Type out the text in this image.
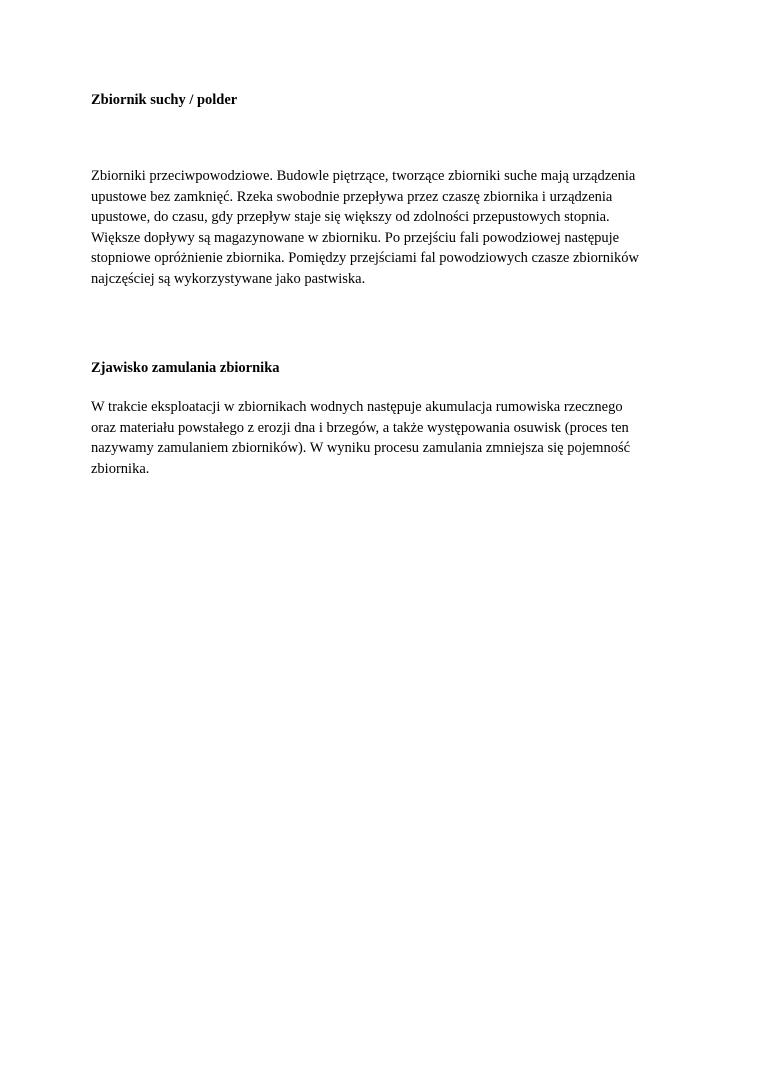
Zbiornik suchy / polder

Zbiorniki przeciwpowodziowe. Budowle piętrzące, tworzące zbiorniki suche mają urządzenia
upustowe bez zamknięć. Rzeka swobodnie przepływa przez czaszę zbiornika i urządzenia
upustowe, do czasu, gdy przepływ staje się większy od zdolności przepustowych stopnia.
Większe dopływy są magazynowane w zbiorniku. Po przejściu fali powodziowej następuje
stopniowe opróżnienie zbiornika. Pomiędzy przejściami fal powodziowych czasze zbiorników
najczęściej są wykorzystywane jako pastwiska.

Zjawisko zamulania zbiornika

W trakcie eksploatacji w zbiornikach wodnych następuje akumulacja rumowiska rzecznego
oraz materiału powstałego z erozji dna i brzegów, a także występowania osuwisk (proces ten
nazywamy zamulaniem zbiorników). W wyniku procesu zamulania zmniejsza się pojemność
zbiornika.
